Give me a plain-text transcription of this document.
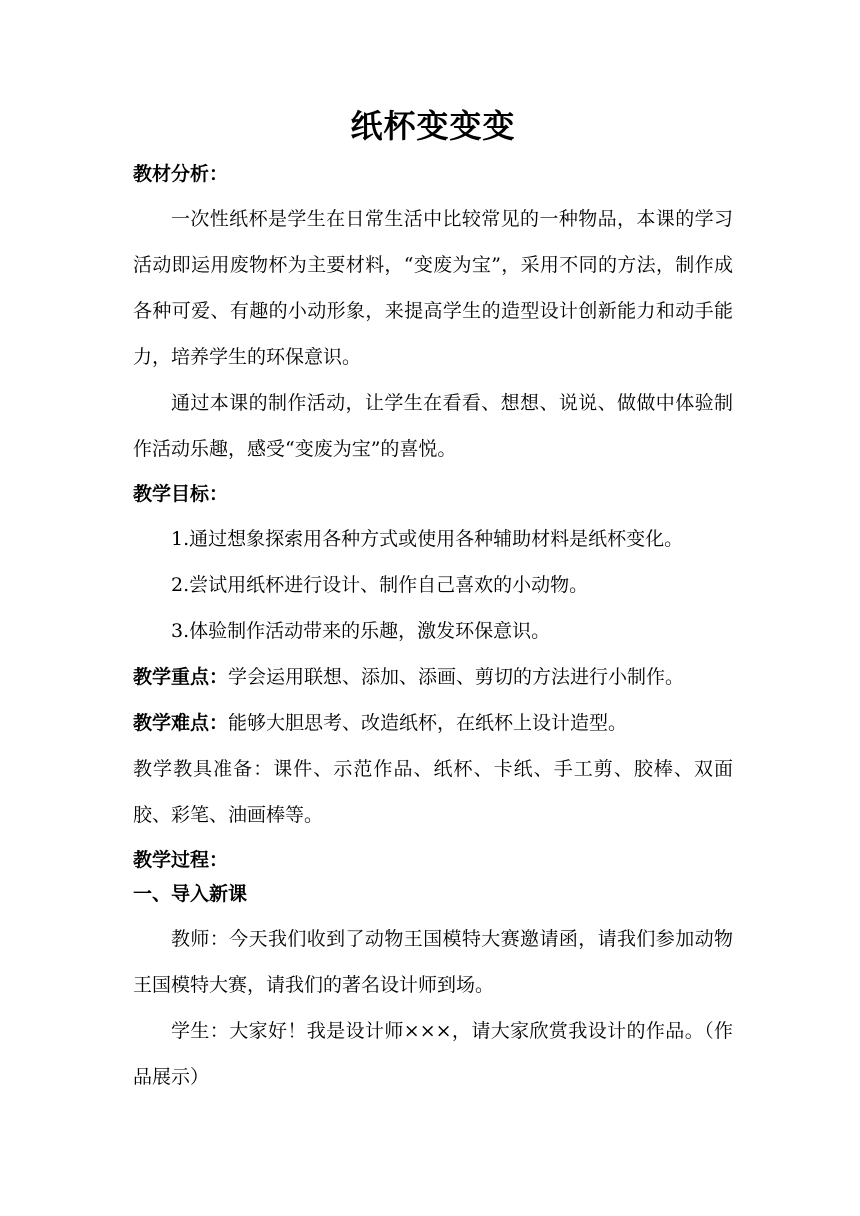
纸杯变变变
教材分析：

一次性纸杯是学生在日常生活中比较常见的一种物品，本课的学习活动即运用废物杯为主要材料，“变废为宝”，采用不同的方法，制作成各种可爱、有趣的小动形象，来提高学生的造型设计创新能力和动手能力，培养学生的环保意识。

通过本课的制作活动，让学生在看看、想想、说说、做做中体验制作活动乐趣，感受“变废为宝”的喜悦。

教学目标：

1.通过想象探索用各种方式或使用各种辅助材料是纸杯变化。

2.尝试用纸杯进行设计、制作自己喜欢的小动物。

3.体验制作活动带来的乐趣，激发环保意识。

教学重点：学会运用联想、添加、添画、剪切的方法进行小制作。

教学难点：能够大胆思考、改造纸杯，在纸杯上设计造型。

教学教具准备：课件、示范作品、纸杯、卡纸、手工剪、胶棒、双面胶、彩笔、油画棒等。

教学过程：
一、导入新课

教师：今天我们收到了动物王国模特大赛邀请函，请我们参加动物王国模特大赛，请我们的著名设计师到场。

学生：大家好！我是设计师×××，请大家欣赏我设计的作品。（作品展示）
